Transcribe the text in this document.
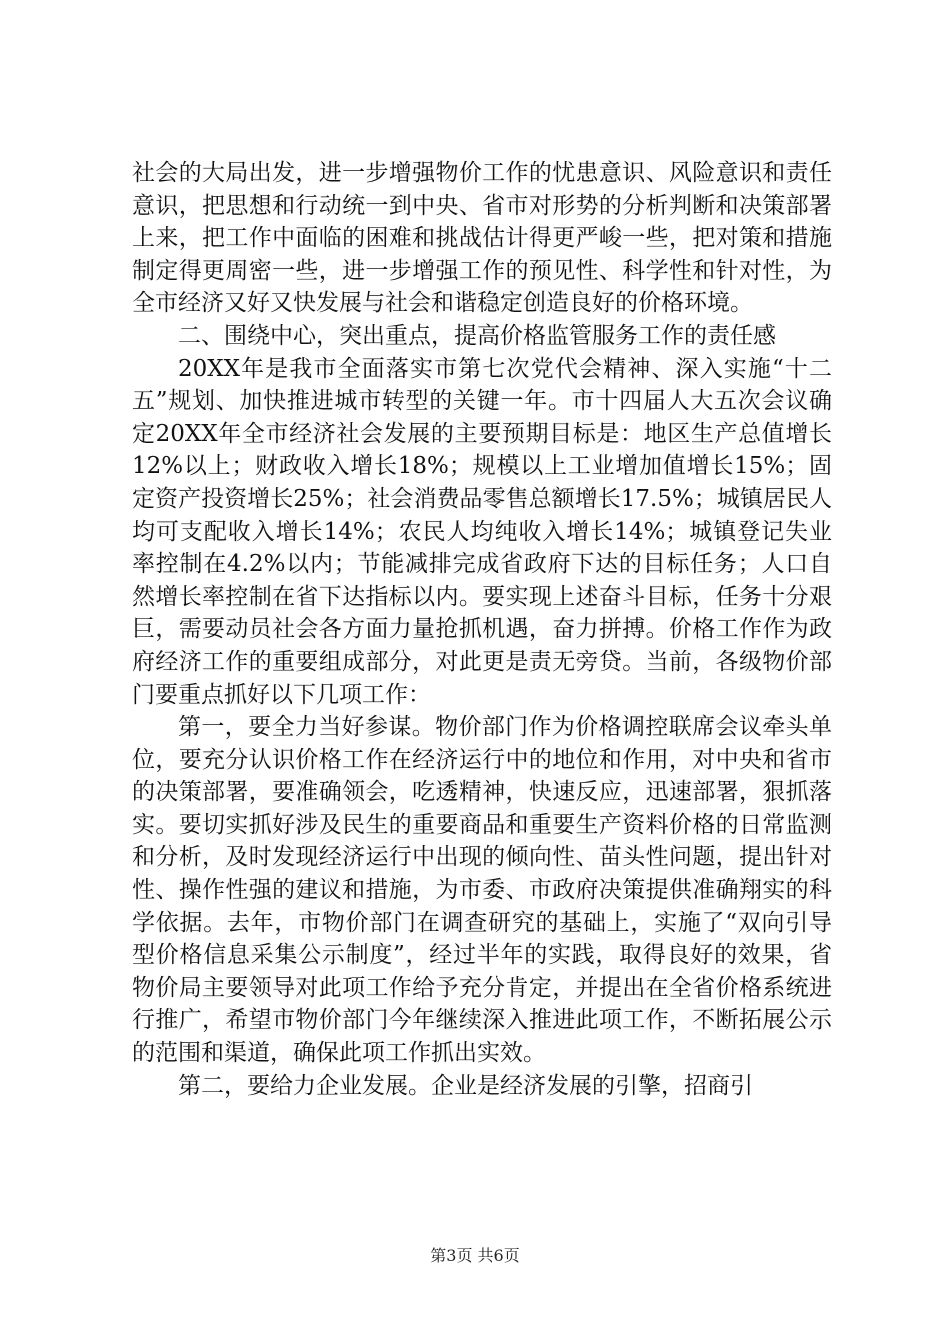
社会的大局出发，进一步增强物价工作的忧患意识、风险意识和责任意识，把思想和行动统一到中央、省市对形势的分析判断和决策部署上来，把工作中面临的困难和挑战估计得更严峻一些，把对策和措施制定得更周密一些，进一步增强工作的预见性、科学性和针对性，为全市经济又好又快发展与社会和谐稳定创造良好的价格环境。

二、围绕中心，突出重点，提高价格监管服务工作的责任感

20XX年是我市全面落实市第七次党代会精神、深入实施“十二五”规划、加快推进城市转型的关键一年。市十四届人大五次会议确定20XX年全市经济社会发展的主要预期目标是：地区生产总值增长12%以上；财政收入增长18%；规模以上工业增加值增长15%；固定资产投资增长25%；社会消费品零售总额增长17.5%；城镇居民人均可支配收入增长14%；农民人均纯收入增长14%；城镇登记失业率控制在4.2%以内；节能减排完成省政府下达的目标任务；人口自然增长率控制在省下达指标以内。要实现上述奋斗目标，任务十分艰巨，需要动员社会各方面力量抢抓机遇，奋力拼搏。价格工作作为政府经济工作的重要组成部分，对此更是责无旁贷。当前，各级物价部门要重点抓好以下几项工作：

第一，要全力当好参谋。物价部门作为价格调控联席会议牵头单位，要充分认识价格工作在经济运行中的地位和作用，对中央和省市的决策部署，要准确领会，吃透精神，快速反应，迅速部署，狠抓落实。要切实抓好涉及民生的重要商品和重要生产资料价格的日常监测和分析，及时发现经济运行中出现的倾向性、苗头性问题，提出针对性、操作性强的建议和措施，为市委、市政府决策提供准确翔实的科学依据。去年，市物价部门在调查研究的基础上，实施了“双向引导型价格信息采集公示制度”，经过半年的实践，取得良好的效果，省物价局主要领导对此项工作给予充分肯定，并提出在全省价格系统进行推广，希望市物价部门今年继续深入推进此项工作，不断拓展公示的范围和渠道，确保此项工作抓出实效。

第二，要给力企业发展。企业是经济发展的引擎，招商引

第3页 共6页
